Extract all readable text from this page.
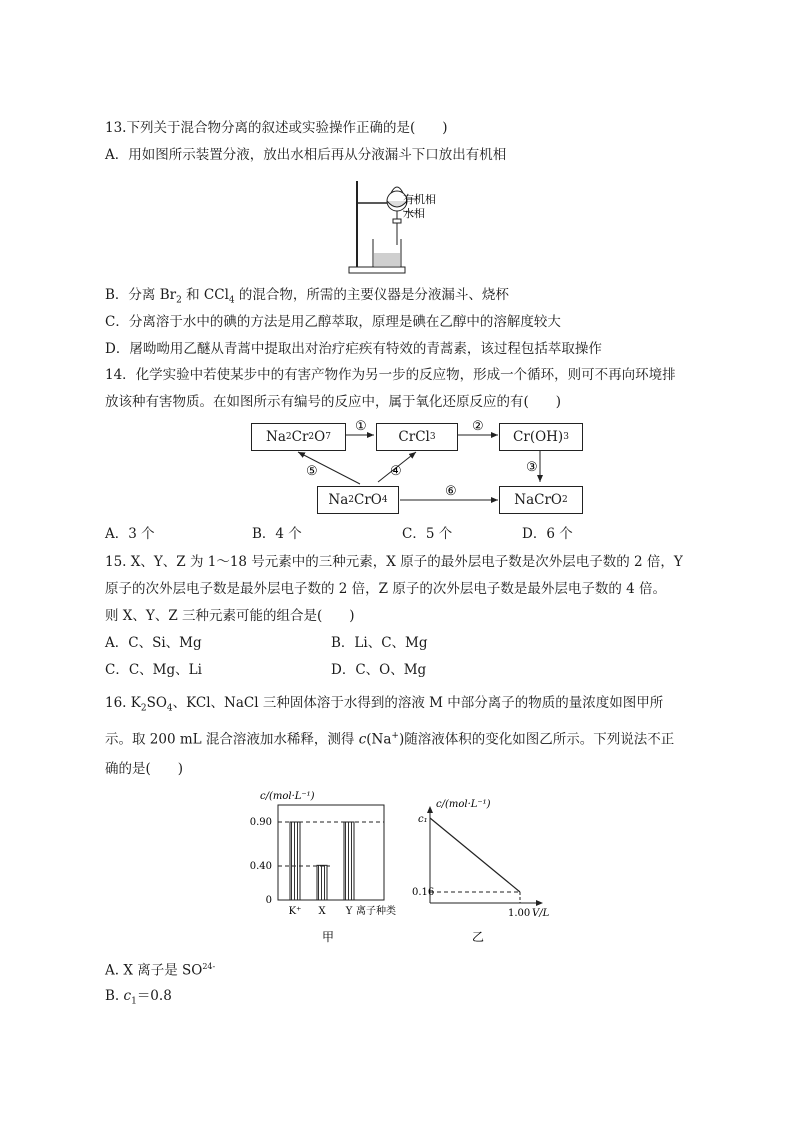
13.下列关于混合物分离的叙述或实验操作正确的是(　　)
A．用如图所示装置分液，放出水相后再从分液漏斗下口放出有机相
有机相
水相
B．分离 $Br_2$ 和 CCl$_4$ 的混合物，所需的主要仪器是分液漏斗、烧杯
C．分离溶于水中的碘的方法是用乙醇萃取，原理是碘在乙醇中的溶解度较大
D．屠呦呦用乙醚从青蒿中提取出对治疗疟疾有特效的青蒿素，该过程包括萃取操作
14．化学实验中若使某步中的有害产物作为另一步的反应物，形成一个循环，则可不再向环境排
放该种有害物质。在如图所示有编号的反应中，属于氧化还原反应的有(　　)
①	②
③
④
⑤
⑥
Na 2 Cr 2 O 7	CrCl 3	Cr(OH) 3
Na 2 CrO 4	NaCrO 2
A．3 个	B．4 个	C．5 个	D．6 个
15. X、Y、Z 为 1～18 号元素中的三种元素，X 原子的最外层电子数是次外层电子数的 2 倍，Y
原子的次外层电子数是最外层电子数的 2 倍，Z 原子的次外层电子数是最外层电子数的 4 倍。
则 X、Y、Z 三种元素可能的组合是(　　)
A．C、Si、Mg	B．Li、C、Mg
C．C、Mg、Li	D．C、O、Mg
16. $K_2SO_4$、KCl、NaCl 三种固体溶于水得到的溶液 M 中部分离子的物质的量浓度如图甲所
示。取 200 mL 混合溶液加水稀释，测得 c(Na+)随溶液体积的变化如图乙所示。下列说法不正
确的是(　　)
c/(mol·L⁻¹)
0.90
0.40
0
K⁺ X Y 离子种类
甲
c/(mol·L⁻¹)
c₁
0.16
1.00 V/L
乙
A. X 离子是 $SO^{24-}$
B. $c_1=0.8$
